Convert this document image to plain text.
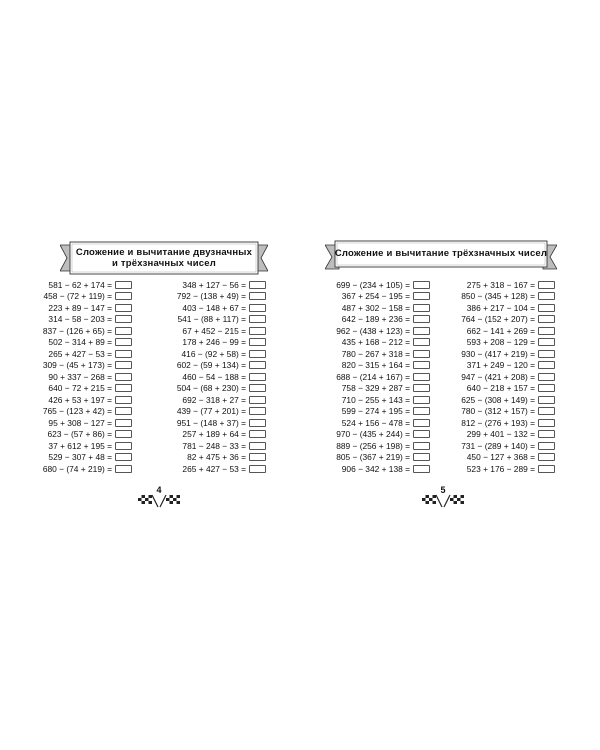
Сложение и вычитание двузначных
и трёхзначных чисел
581 − 62 + 174 =
458 − (72 + 119) =
223 + 89 − 147 =
314 − 58 − 203 =
837 − (126 + 65) =
502 − 314 + 89 =
265 + 427 − 53 =
309 − (45 + 173) =
90 + 337 − 268 =
640 − 72 + 215 =
426 + 53 + 197 =
765 − (123 + 42) =
95 + 308 − 127 =
623 − (57 + 86) =
37 + 612 + 195 =
529 − 307 + 48 =
680 − (74 + 219) =
348 + 127 − 56 =
792 − (138 + 49) =
403 − 148 + 67 =
541 − (88 + 117) =
67 + 452 − 215 =
178 + 246 − 99 =
416 − (92 + 58) =
602 − (59 + 134) =
460 − 54 − 188 =
504 − (68 + 230) =
692 − 318 + 27 =
439 − (77 + 201) =
951 − (148 + 37) =
257 + 189 + 64 =
781 − 248 − 33 =
82 + 475 + 36 =
265 + 427 − 53 =
4
Сложение и вычитание трёхзначных чисел
699 − (234 + 105) =
367 + 254 − 195 =
487 + 302 − 158 =
642 − 189 + 236 =
962 − (438 + 123) =
435 + 168 − 212 =
780 − 267 + 318 =
820 − 315 + 164 =
688 − (214 + 167) =
758 − 329 + 287 =
710 − 255 + 143 =
599 − 274 + 195 =
524 + 156 − 478 =
970 − (435 + 244) =
889 − (256 + 198) =
805 − (367 + 219) =
906 − 342 + 138 =
275 + 318 − 167 =
850 − (345 + 128) =
386 + 217 − 104 =
764 − (152 + 207) =
662 − 141 + 269 =
593 + 208 − 129 =
930 − (417 + 219) =
371 + 249 − 120 =
947 − (421 + 208) =
640 − 218 + 157 =
625 − (308 + 149) =
780 − (312 + 157) =
812 − (276 + 193) =
299 + 401 − 132 =
731 − (289 + 140) =
450 − 127 + 368 =
523 + 176 − 289 =
5
